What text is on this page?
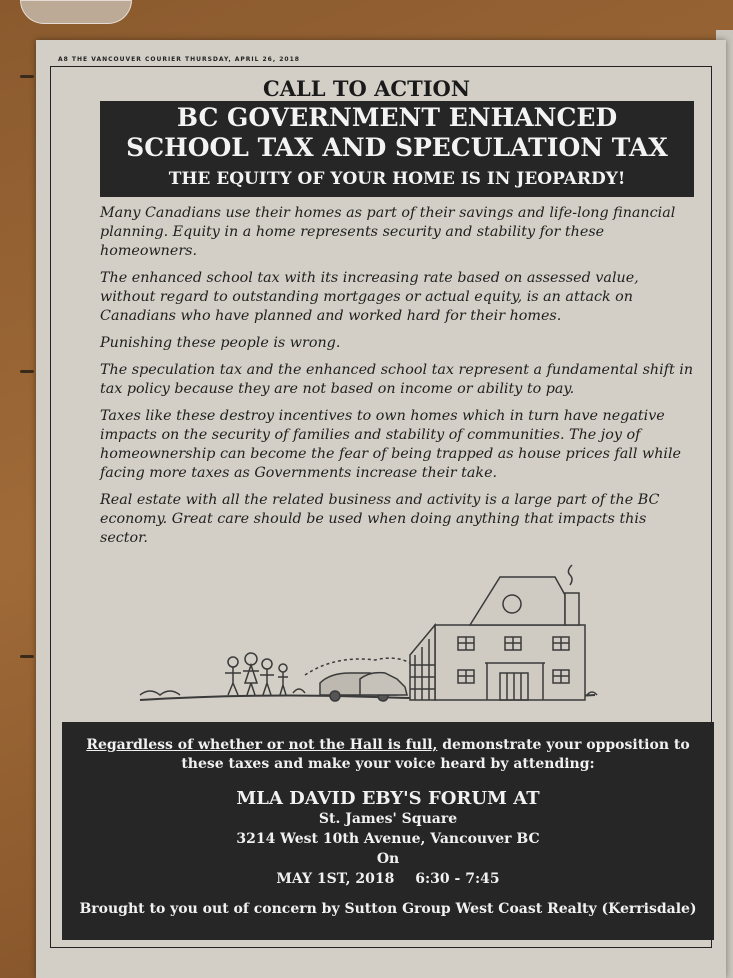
A8 THE VANCOUVER COURIER THURSDAY, APRIL 26, 2018
CALL TO ACTION
BC GOVERNMENT ENHANCED
SCHOOL TAX AND SPECULATION TAX
THE EQUITY OF YOUR HOME IS IN JEOPARDY!

Many Canadians use their homes as part of their savings and life-long financial planning. Equity in a home represents security and stability for these homeowners.

The enhanced school tax with its increasing rate based on assessed value, without regard to outstanding mortgages or actual equity, is an attack on Canadians who have planned and worked hard for their homes.

Punishing these people is wrong.

The speculation tax and the enhanced school tax represent a fundamental shift in tax policy because they are not based on income or ability to pay.

Taxes like these destroy incentives to own homes which in turn have negative impacts on the security of families and stability of communities. The joy of homeownership can become the fear of being trapped as house prices fall while facing more taxes as Governments increase their take.

Real estate with all the related business and activity is a large part of the BC economy. Great care should be used when doing anything that impacts this sector.

Regardless of whether or not the Hall is full, demonstrate your opposition to these taxes and make your voice heard by attending:
MLA DAVID EBY'S FORUM AT
St. James' Square
3214 West 10th Avenue, Vancouver BC
On
MAY 1ST, 2018 6:30 - 7:45
Brought to you out of concern by Sutton Group West Coast Realty (Kerrisdale)
